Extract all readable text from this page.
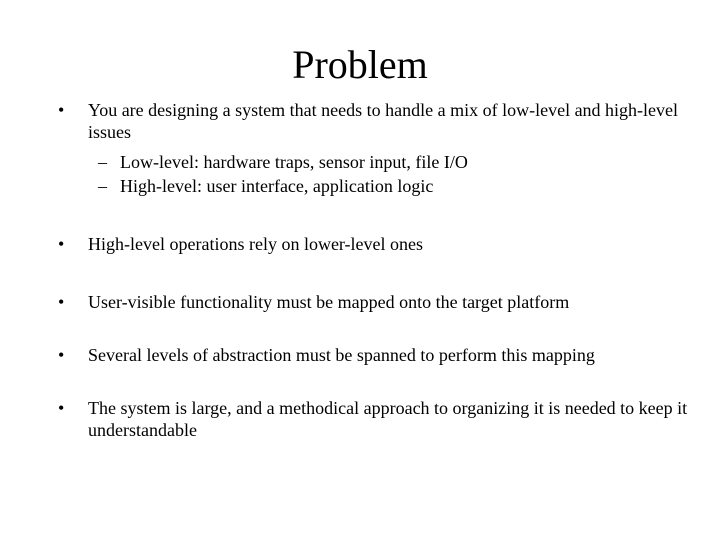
Problem
• You are designing a system that needs to handle a mix of low-level and high-level issues
– Low-level: hardware traps, sensor input, file I/O
– High-level: user interface, application logic
• High-level operations rely on lower-level ones
• User-visible functionality must be mapped onto the target platform
• Several levels of abstraction must be spanned to perform this mapping
• The system is large, and a methodical approach to organizing it is needed to keep it understandable
